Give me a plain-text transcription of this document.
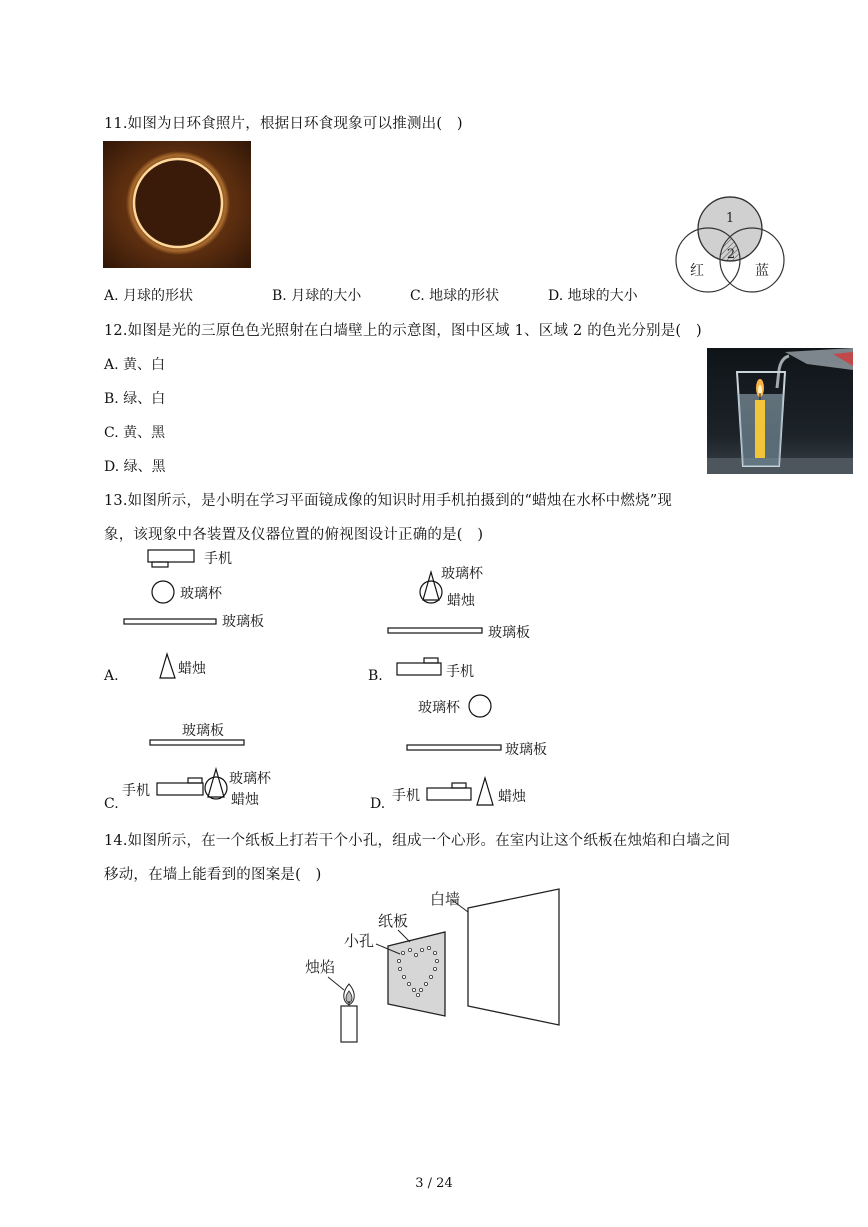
11.如图为日环食照片，根据日环食现象可以推测出(　)
1
2
红	蓝
A. 月球的形状	B. 月球的大小	C. 地球的形状	D. 地球的大小
12.如图是光的三原色色光照射在白墙壁上的示意图，图中区域 1、区域 2 的色光分别是(　)
A. 黄、白
B. 绿、白
C. 黄、黑
D. 绿、黑
13.如图所示，是小明在学习平面镜成像的知识时用手机拍摄到的“蜡烛在水杯中燃烧”现
象，该现象中各装置及仪器位置的俯视图设计正确的是(　)
手机
玻璃杯
玻璃板
蜡烛
A.
玻璃杯
蜡烛
玻璃板
手机
B.
玻璃板
手机
玻璃杯
蜡烛
C.
玻璃杯
玻璃板
手机	蜡烛
D.
14.如图所示，在一个纸板上打若干个小孔，组成一个心形。在室内让这个纸板在烛焰和白墙之间
移动，在墙上能看到的图案是(　)
白墙
纸板
小孔
烛焰
3 / 24
